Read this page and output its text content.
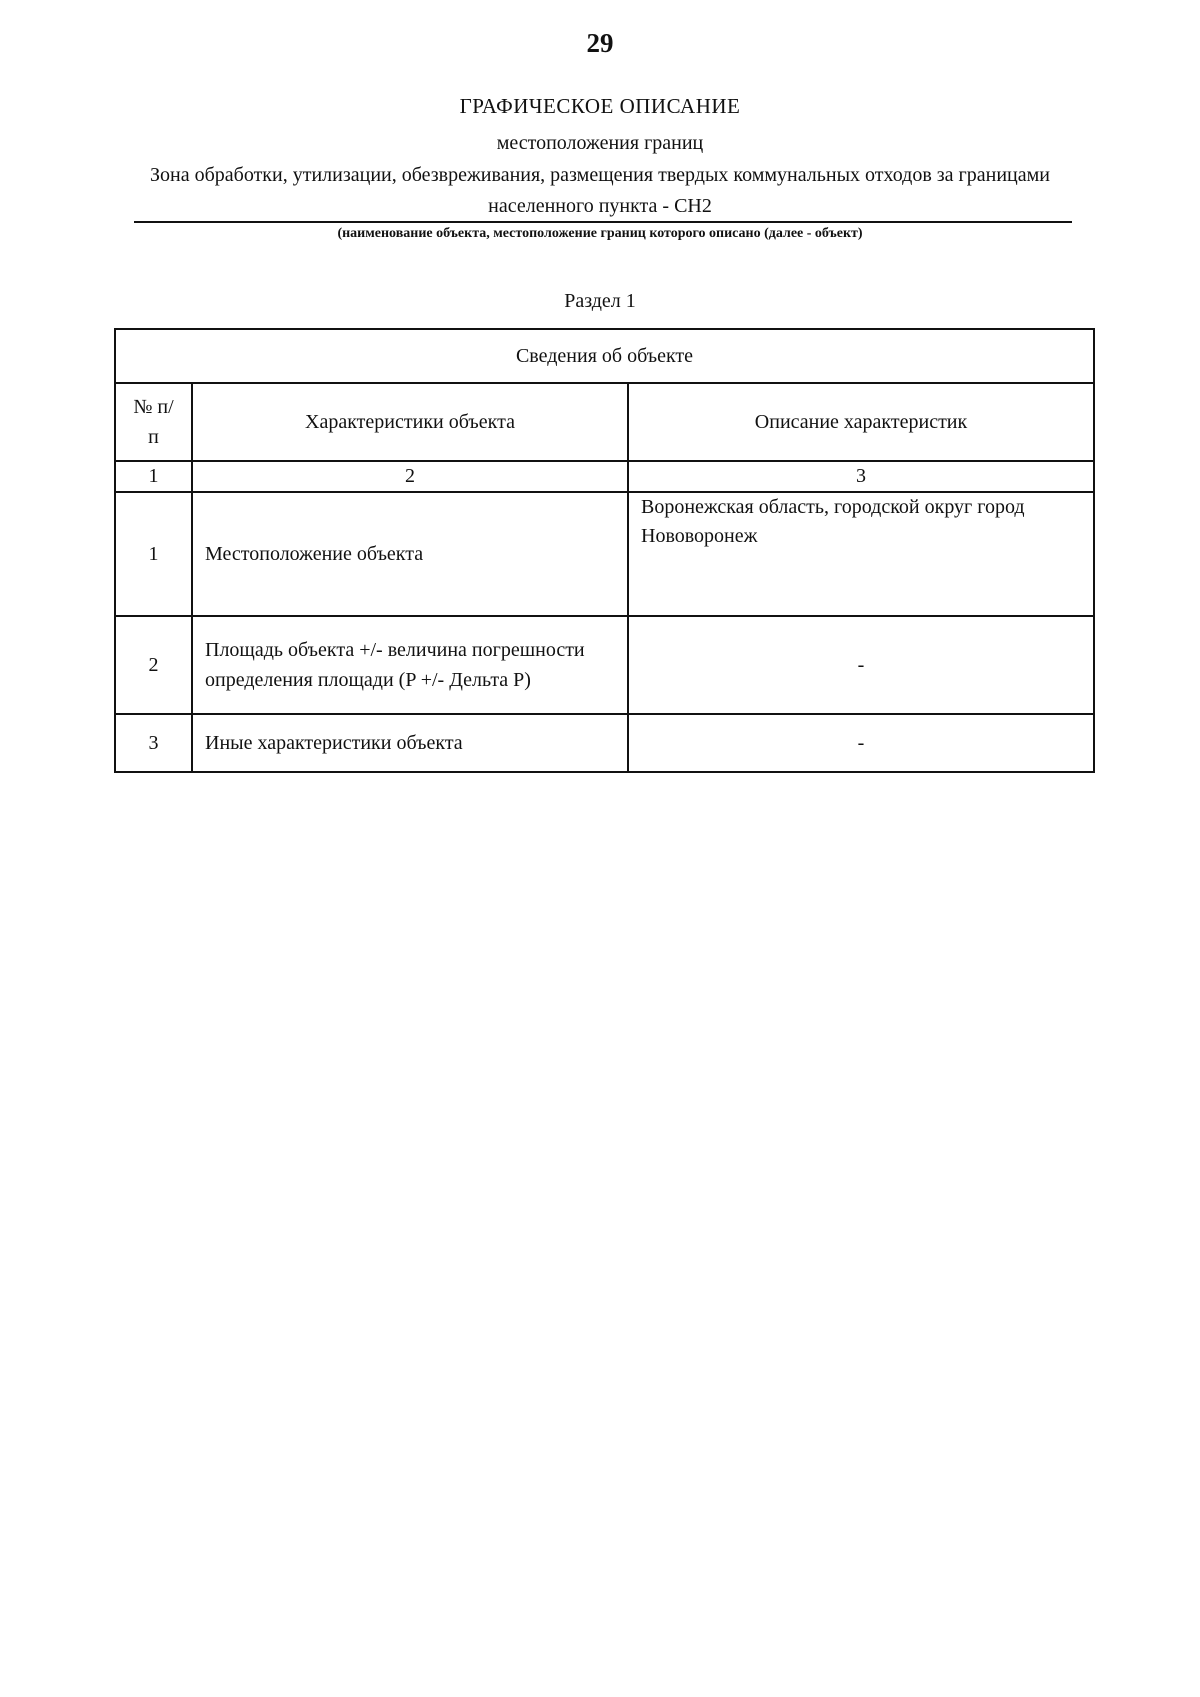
29
ГРАФИЧЕСКОЕ ОПИСАНИЕ
местоположения границ
Зона обработки, утилизации, обезвреживания, размещения твердых коммунальных отходов за границами населенного пункта - СН2
(наименование объекта, местоположение границ которого описано (далее - объект)
Раздел 1
Сведения об объекте		
№ п/п	Характеристики объекта	Описание характеристик
1	2	3
1	Местоположение объекта	Воронежская область, городской округ город Нововоронеж
2	Площадь объекта +/- величина погрешности определения площади (P +/- Дельта P)	-
3	Иные характеристики объекта	-
